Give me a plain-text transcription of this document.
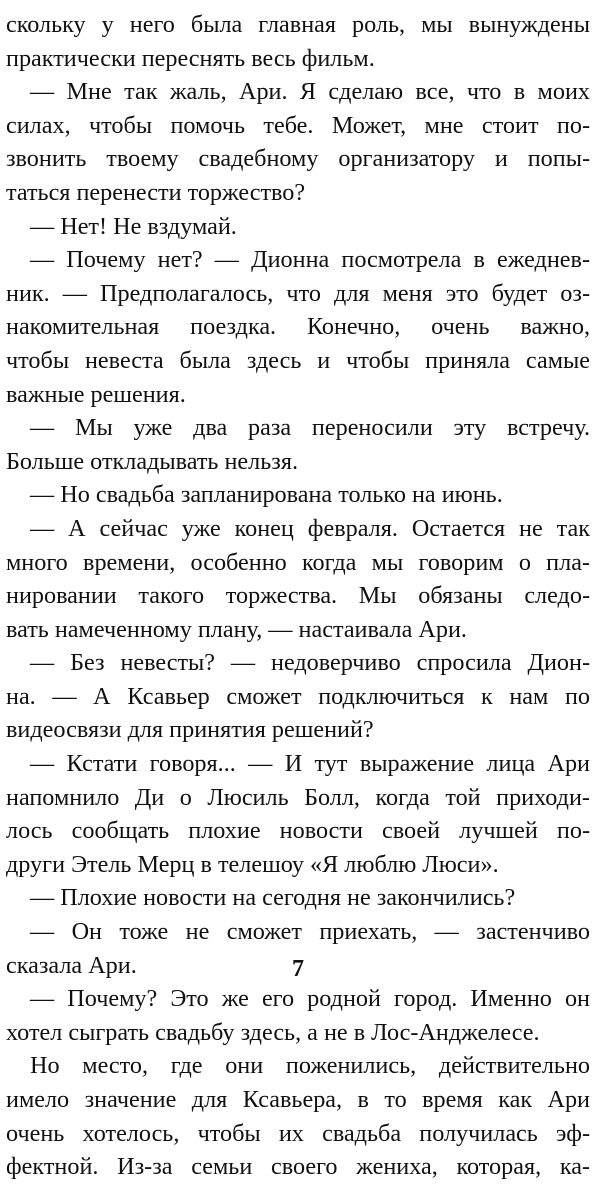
скольку у него была главная роль, мы вынуждены
практически переснять весь фильм.
— Мне так жаль, Ари. Я сделаю все, что в моих
силах, чтобы помочь тебе. Может, мне стоит по-
звонить твоему свадебному организатору и попы-
таться перенести торжество?
— Нет! Не вздумай.
— Почему нет? — Дионна посмотрела в ежеднев-
ник. — Предполагалось, что для меня это будет оз-
накомительная поездка. Конечно, очень важно,
чтобы невеста была здесь и чтобы приняла самые
важные решения.
— Мы уже два раза переносили эту встречу.
Больше откладывать нельзя.
— Но свадьба запланирована только на июнь.
— А сейчас уже конец февраля. Остается не так
много времени, особенно когда мы говорим о пла-
нировании такого торжества. Мы обязаны следо-
вать намеченному плану, — настаивала Ари.
— Без невесты? — недоверчиво спросила Дион-
на. — А Ксавьер сможет подключиться к нам по
видеосвязи для принятия решений?
— Кстати говоря... — И тут выражение лица Ари
напомнило Ди о Люсиль Болл, когда той приходи-
лось сообщать плохие новости своей лучшей по-
други Этель Мерц в телешоу «Я люблю Люси».
— Плохие новости на сегодня не закончились?
— Он тоже не сможет приехать, — застенчиво
сказала Ари.
— Почему? Это же его родной город. Именно он
хотел сыграть свадьбу здесь, а не в Лос-Анджелесе.
Но место, где они поженились, действительно
имело значение для Ксавьера, в то время как Ари
очень хотелось, чтобы их свадьба получилась эф-
фектной. Из-за семьи своего жениха, которая, ка-
7
